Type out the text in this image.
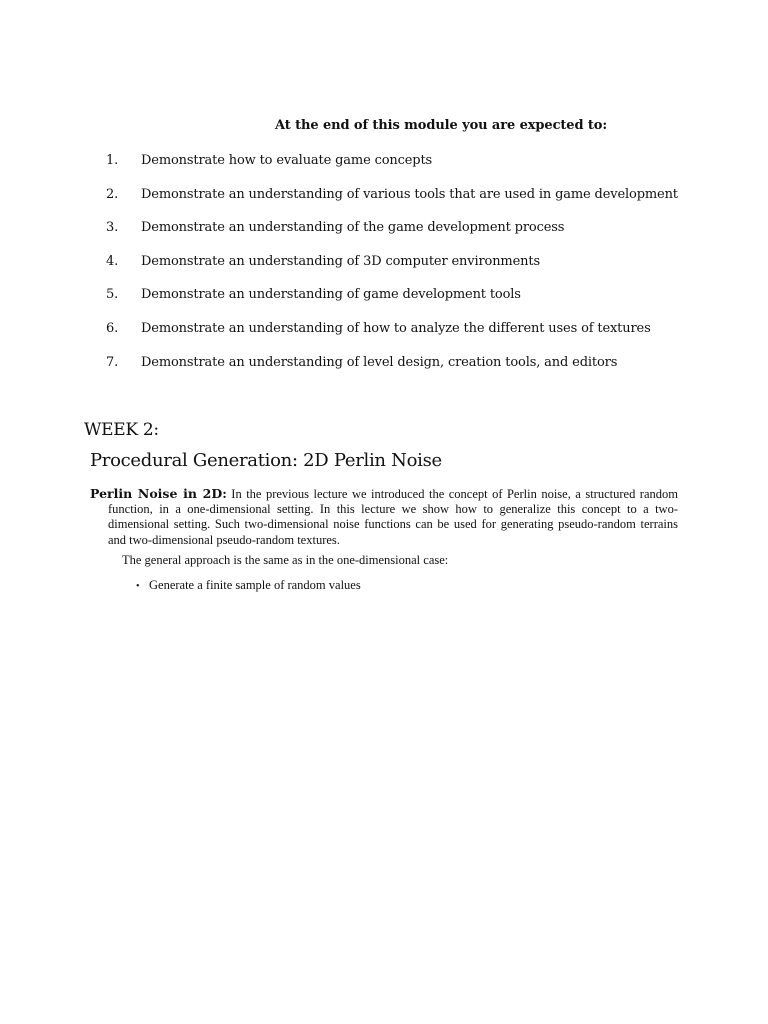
At the end of this module you are expected to:
1.	Demonstrate how to evaluate game concepts
2.	Demonstrate an understanding of various tools that are used in game development
3.	Demonstrate an understanding of the game development process
4.	Demonstrate an understanding of 3D computer environments
5.	Demonstrate an understanding of game development tools
6.	Demonstrate an understanding of how to analyze the different uses of textures
7.	Demonstrate an understanding of level design, creation tools, and editors
WEEK 2:
Procedural Generation: 2D Perlin Noise

Perlin Noise in 2D: In the previous lecture we introduced the concept of Perlin noise, a structured random function, in a one-dimensional setting. In this lecture we show how to generalize this concept to a two-dimensional setting. Such two-dimensional noise functions can be used for generating pseudo-random terrains and two-dimensional pseudo-random textures.

The general approach is the same as in the one-dimensional case:

• Generate a finite sample of random values
